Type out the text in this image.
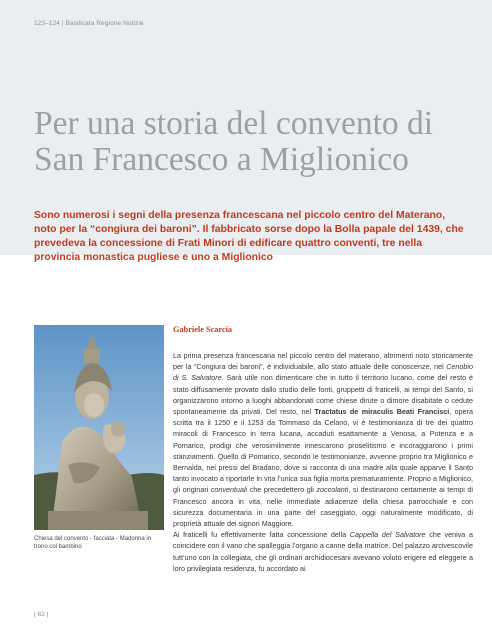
123–124 | Basilicata Regione Notizie
Per una storia del convento di San Francesco a Miglionico

Sono numerosi i segni della presenza francescana nel piccolo centro del Materano, noto per la “congiura dei baroni”. Il fabbricato sorse dopo la Bolla papale del 1439, che prevedeva la concessione di Frati Minori di edificare quattro conventi, tre nella provincia monastica pugliese e uno a Miglionico

Chiesa del convento - facciata - Madonna in trono col bambino
Gabriele Scarcia

La prima presenza francescana nel piccolo centro del materano, altrimenti noto storicamente per la “Congiura dei baroni”, è individuabile, allo stato attuale delle conoscenze, nel Cenobio di S. Salvatore. Sarà utile non dimenticare che in tutto il territorio lucano, come del resto è stato diffusamente provato dallo studio delle fonti, gruppetti di fraticelli, ai tempi del Santo, si organizzarono intorno a luoghi abbandonati come chiese dirute o dimore disabitate o cedute spontaneamente da privati. Del resto, nel Tractatus de miraculis Beati Francisci, opera scritta tra il 1250 e il 1253 da Tommaso da Celano, vi è testimonianza di tre dei quattro miracoli di Francesco in terra lucana, accaduti esattamente a Venosa, a Potenza e a Pomarico, prodigi che verosimilmente innescarono proselitismo e incoraggiarono i primi stanziamenti. Quello di Pomarico, secondo le testimonianze, avvenne proprio tra Miglionico e Bernalda, nei pressi del Bradano, dove si racconta di una madre alla quale apparve il Santo tanto invocato a riportarle in vita l’unica sua figlia morta prematuramente. Proprio a Miglionico, gli originari conventuali che precedettero gli zoccolanti, si destinarono certamente ai tempi di Francesco ancora in vita, nelle immediate adiacenze della chiesa parrocchiale e con sicurezza documentaria in una parte del caseggiato, oggi naturalmente modificato, di proprietà attuale dei signori Maggiore.

Ai fraticelli fu effettivamente fatta concessione della Cappella del Salvatore che veniva a coincidere con il vano che spalleggia l’organo a canne della matrice. Del palazzo arcivescovile tutt’uno con la collegiata, che gli ordinari archidiocesani avevano voluto erigere ed eleggere a loro privilegiata residenza, fu accordato ai

| 62 |
